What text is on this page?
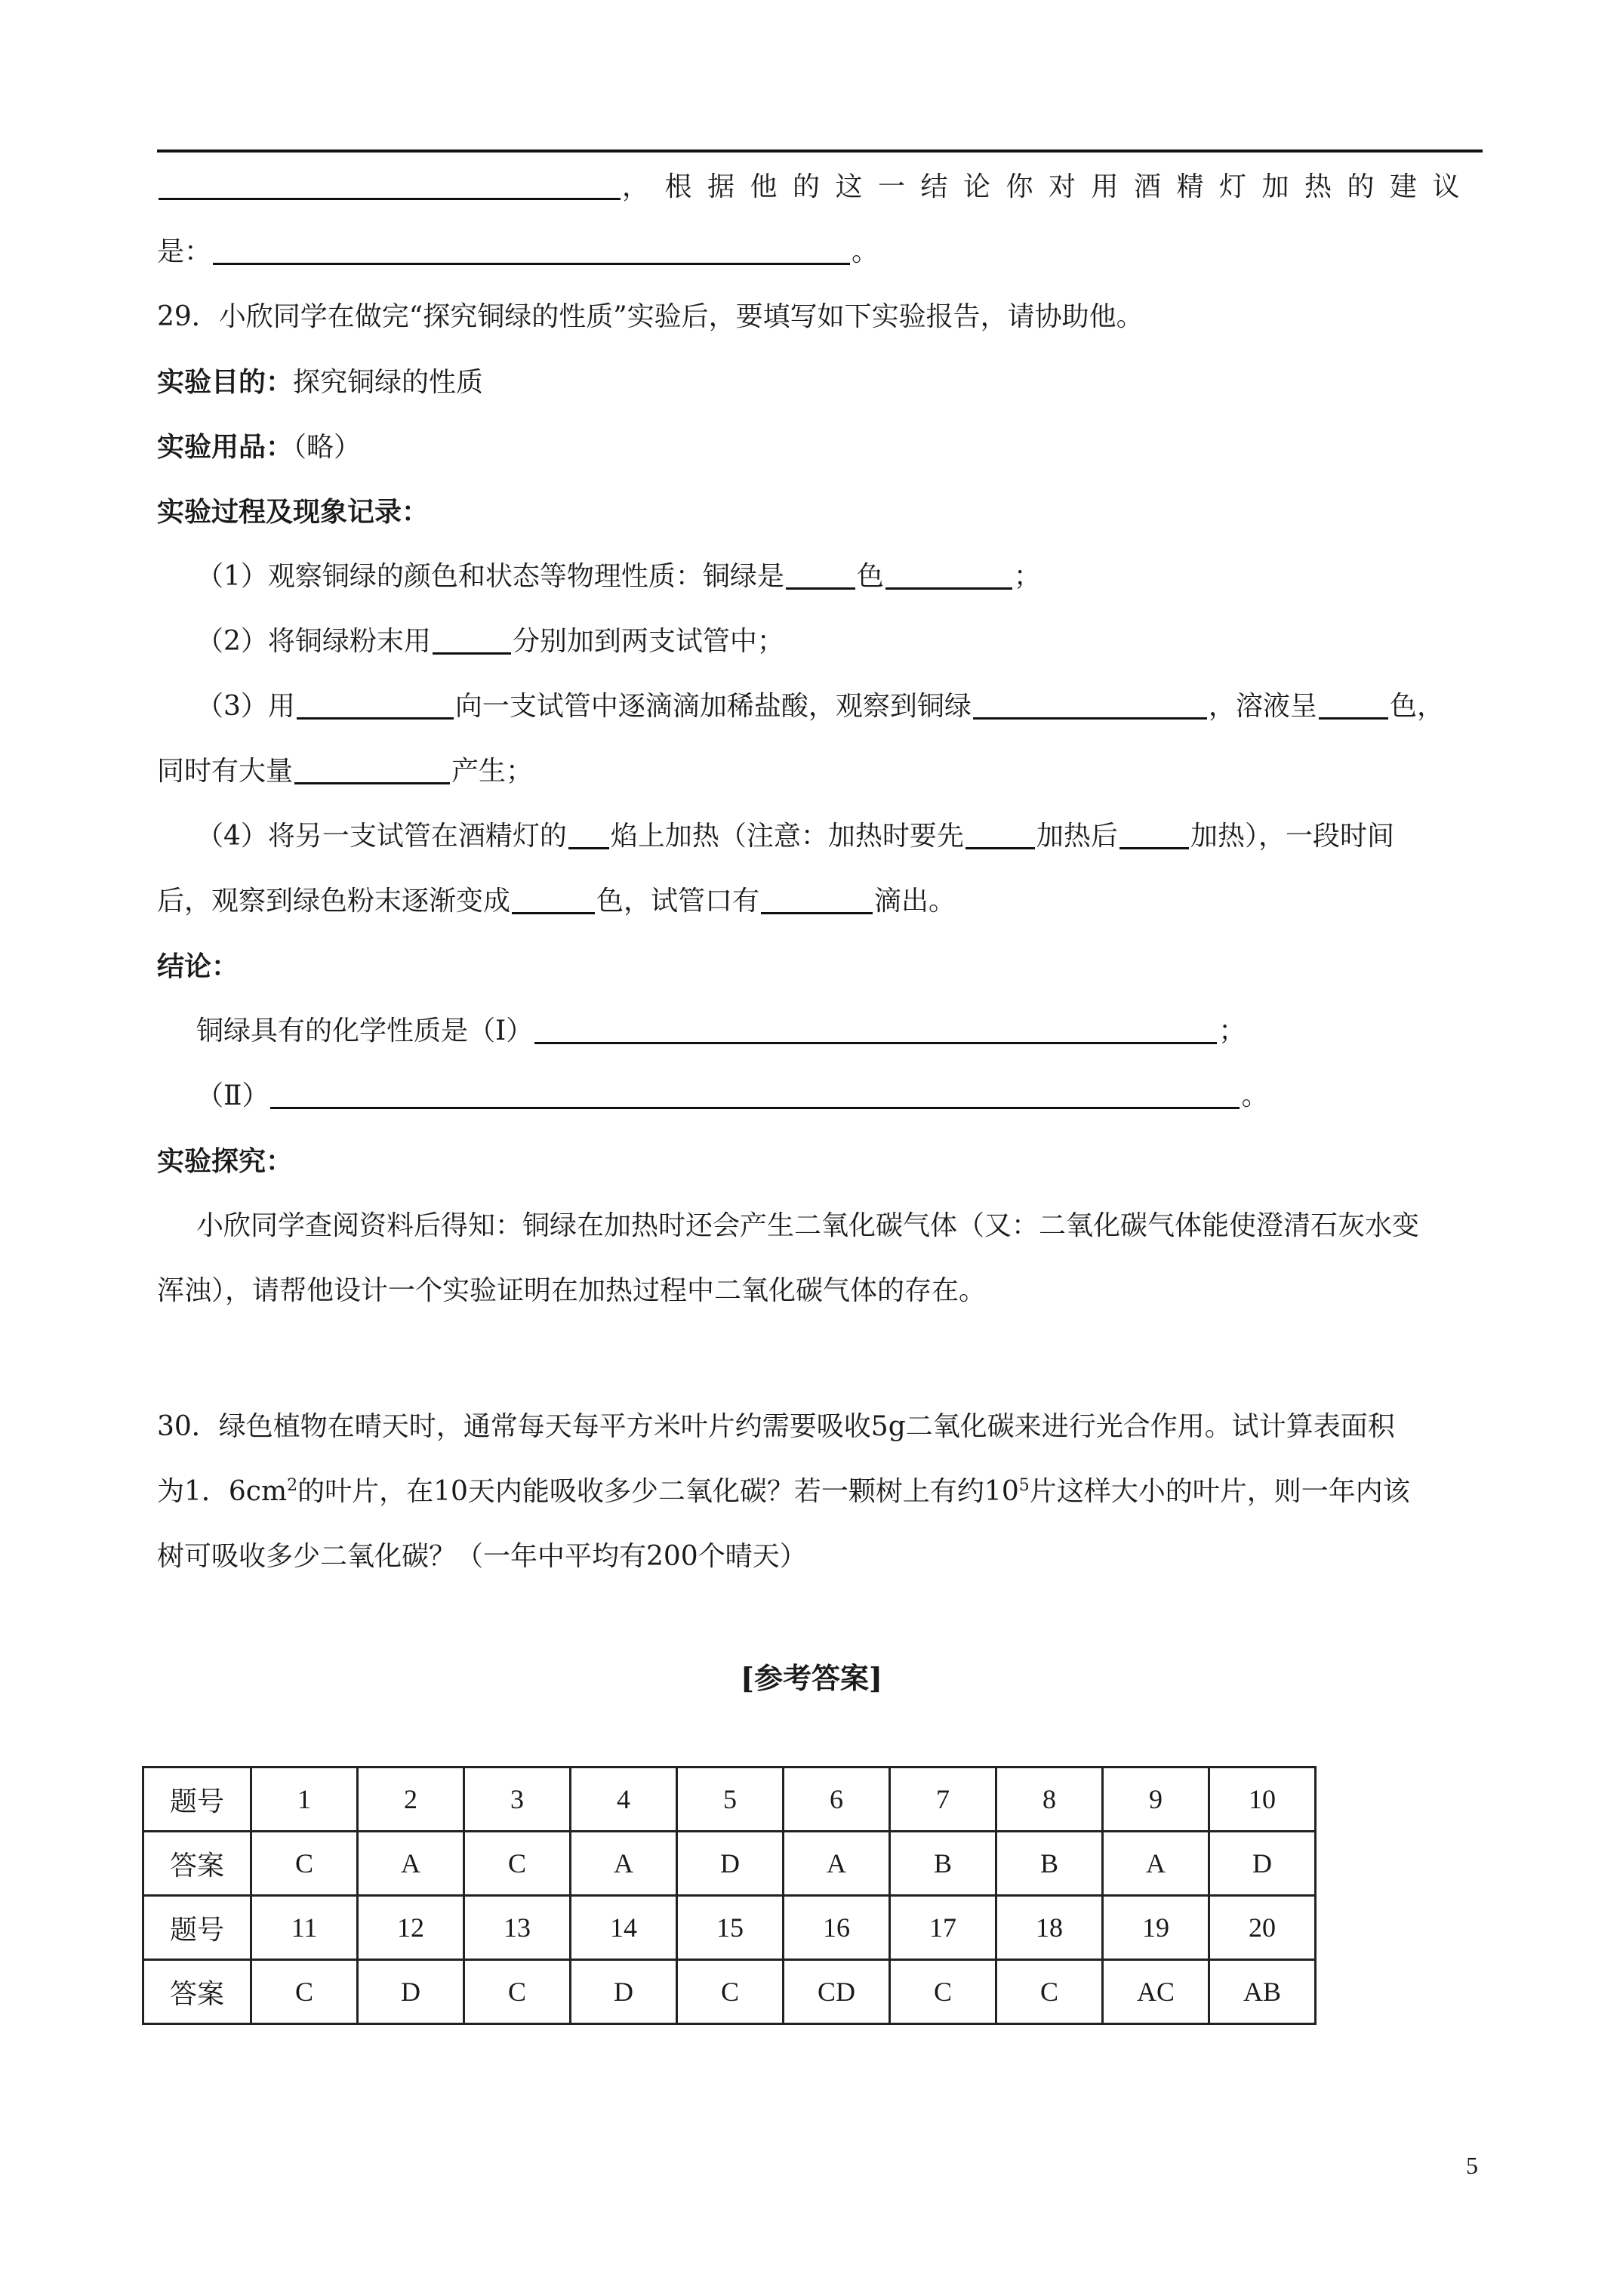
，根据他的这一结论你对用酒精灯加热的建议
是：	。
29．小欣同学在做完“探究铜绿的性质”实验后，要填写如下实验报告，请协助他。
实验目的：探究铜绿的性质
实验用品：（略）
实验过程及现象记录：
（1）观察铜绿的颜色和状态等物理性质：铜绿是	色	；
（2）将铜绿粉末用	分别加到两支试管中；
（3）用	向一支试管中逐滴滴加稀盐酸，观察到铜绿	，溶液呈	色，
同时有大量	产生；
（4）将另一支试管在酒精灯的 焰上加热（注意：加热时要先	加热后	加热），一段时间
后，观察到绿色粉末逐渐变成	色，试管口有	滴出。
结论：
铜绿具有的化学性质是（Ⅰ）	；
（Ⅱ）	。
实验探究：
小欣同学查阅资料后得知：铜绿在加热时还会产生二氧化碳气体（又：二氧化碳气体能使澄清石灰水变
浑浊），请帮他设计一个实验证明在加热过程中二氧化碳气体的存在。
30．绿色植物在晴天时，通常每天每平方米叶片约需要吸收5g二氧化碳来进行光合作用。试计算表面积
为1．$6cm^2$的叶片，在10天内能吸收多少二氧化碳？若一颗树上有约$10^5$片这样大小的叶片，则一年内该
树可吸收多少二氧化碳？（一年中平均有200个晴天）
[参考答案]
题号	1	2	3	4	5	6	7	8	9	10
答案	C	A	C	A	D	A	B	B	A	D
题号	11	12	13	14	15	16	17	18	19	20
答案	C	D	C	D	C	CD	C	C	AC	AB
5
